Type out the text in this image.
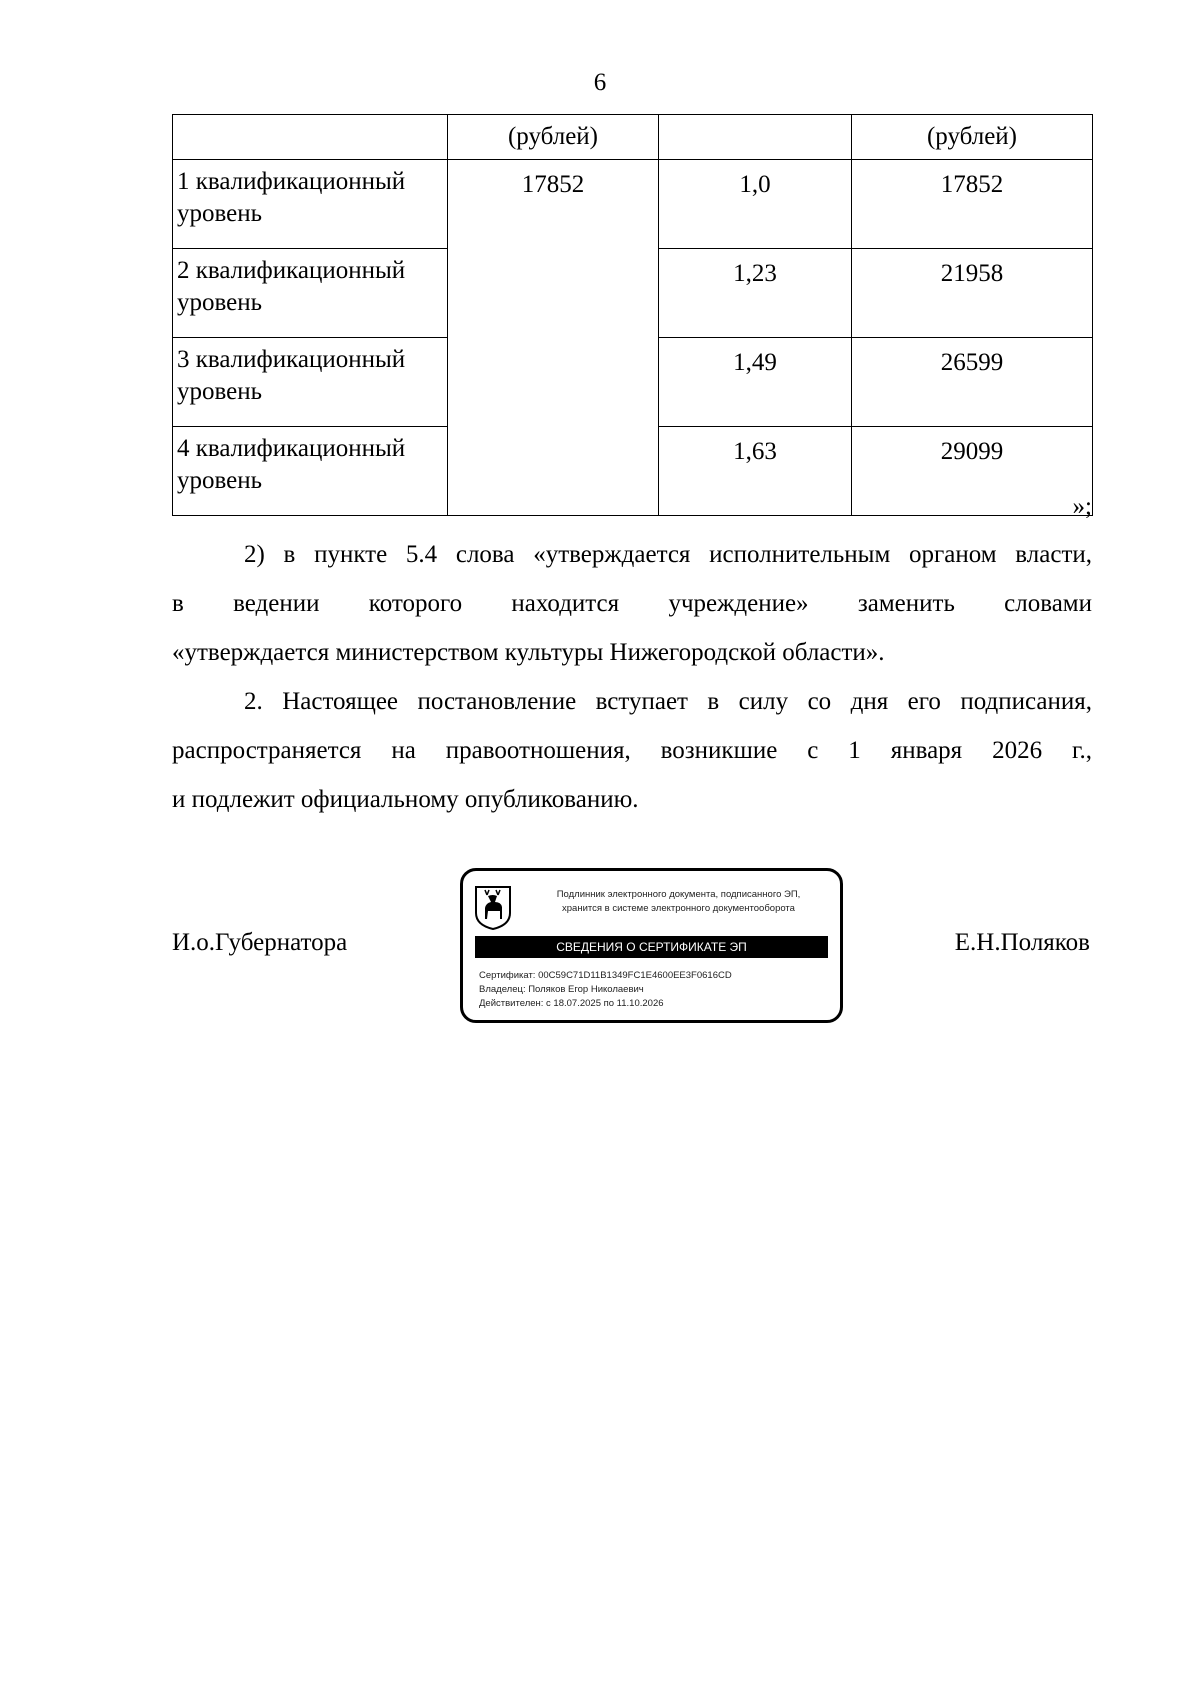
6
	(рублей)		(рублей)
1 квалификационный уровень	17852	1,0	17852
2 квалификационный уровень		1,23	21958
3 квалификационный уровень		1,49	26599
4 квалификационный уровень		1,63	29099
»;
2) в пункте 5.4 слова «утверждается исполнительным органом власти,
в ведении которого находится учреждение» заменить словами
«утверждается министерством культуры Нижегородской области».
2. Настоящее постановление вступает в силу со дня его подписания,
распространяется на правоотношения, возникшие с 1 января 2026 г.,
и подлежит официальному опубликованию.
И.о.Губернатора	Е.Н.Поляков
Подлинник электронного документа, подписанного ЭП,
хранится в системе электронного документооборота
СВЕДЕНИЯ О СЕРТИФИКАТЕ ЭП
Сертификат: 00C59C71D11B1349FC1E4600EE3F0616CD
Владелец: Поляков Егор Николаевич
Действителен: с 18.07.2025 по 11.10.2026
